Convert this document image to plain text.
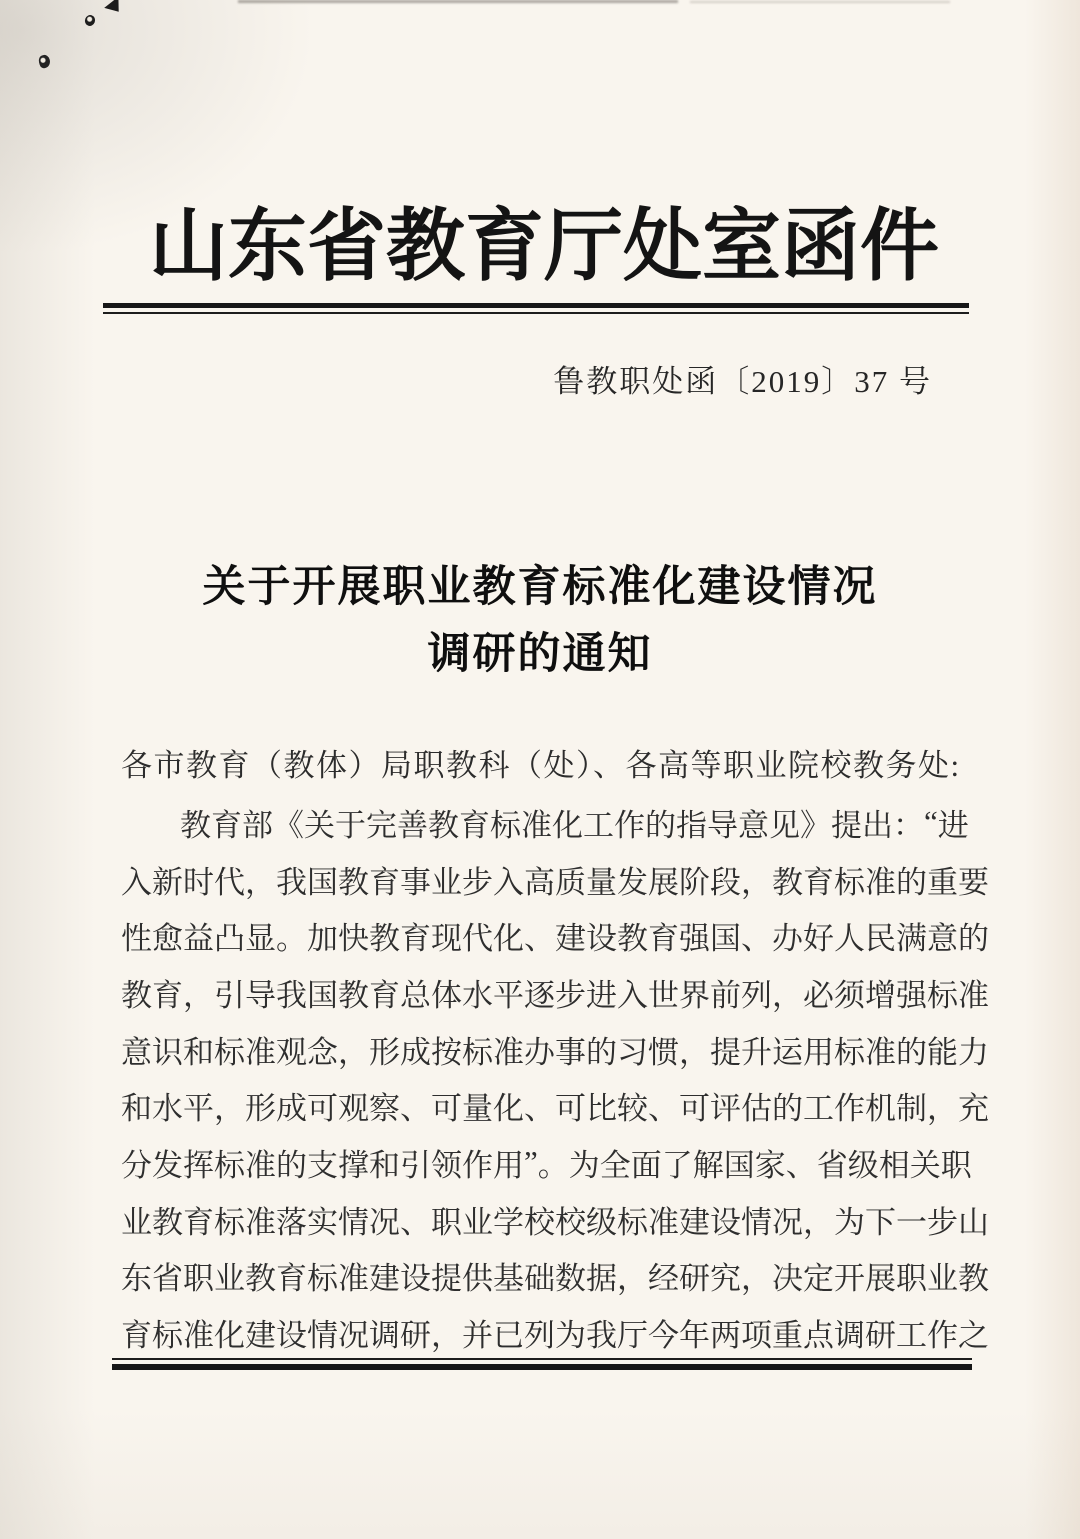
山 东 省 教 育 厅 处 室 函 件
鲁教职处函〔2019〕37 号
关于开展职业教育标准化建设情况
调研的通知
各市教育（教体）局职教科（处）、各高等职业院校教务处:
教 育 部 《 关 于 完 善 教 育 标 准 化 工 作 的 指 导 意 见 》 提 出 ： “ 进
入 新 时 代 ， 我 国 教 育 事 业 步 入 高 质 量 发 展 阶 段 ， 教 育 标 准 的 重 要
性 愈 益 凸 显 。 加 快 教 育 现 代 化 、 建 设 教 育 强 国 、 办 好 人 民 满 意 的
教 育 ， 引 导 我 国 教 育 总 体 水 平 逐 步 进 入 世 界 前 列 ， 必 须 增 强 标 准
意 识 和 标 准 观 念 ， 形 成 按 标 准 办 事 的 习 惯 ， 提 升 运 用 标 准 的 能 力
和 水 平 ， 形 成 可 观 察 、 可 量 化 、 可 比 较 、 可 评 估 的 工 作 机 制 ， 充
分 发 挥 标 准 的 支 撑 和 引 领 作 用 ” 。 为 全 面 了 解 国 家 、 省 级 相 关 职
业 教 育 标 准 落 实 情 况 、 职 业 学 校 校 级 标 准 建 设 情 况 ， 为 下 一 步 山
东 省 职 业 教 育 标 准 建 设 提 供 基 础 数 据 ， 经 研 究 ， 决 定 开 展 职 业 教
育 标 准 化 建 设 情 况 调 研 ， 并 已 列 为 我 厅 今 年 两 项 重 点 调 研 工 作 之
